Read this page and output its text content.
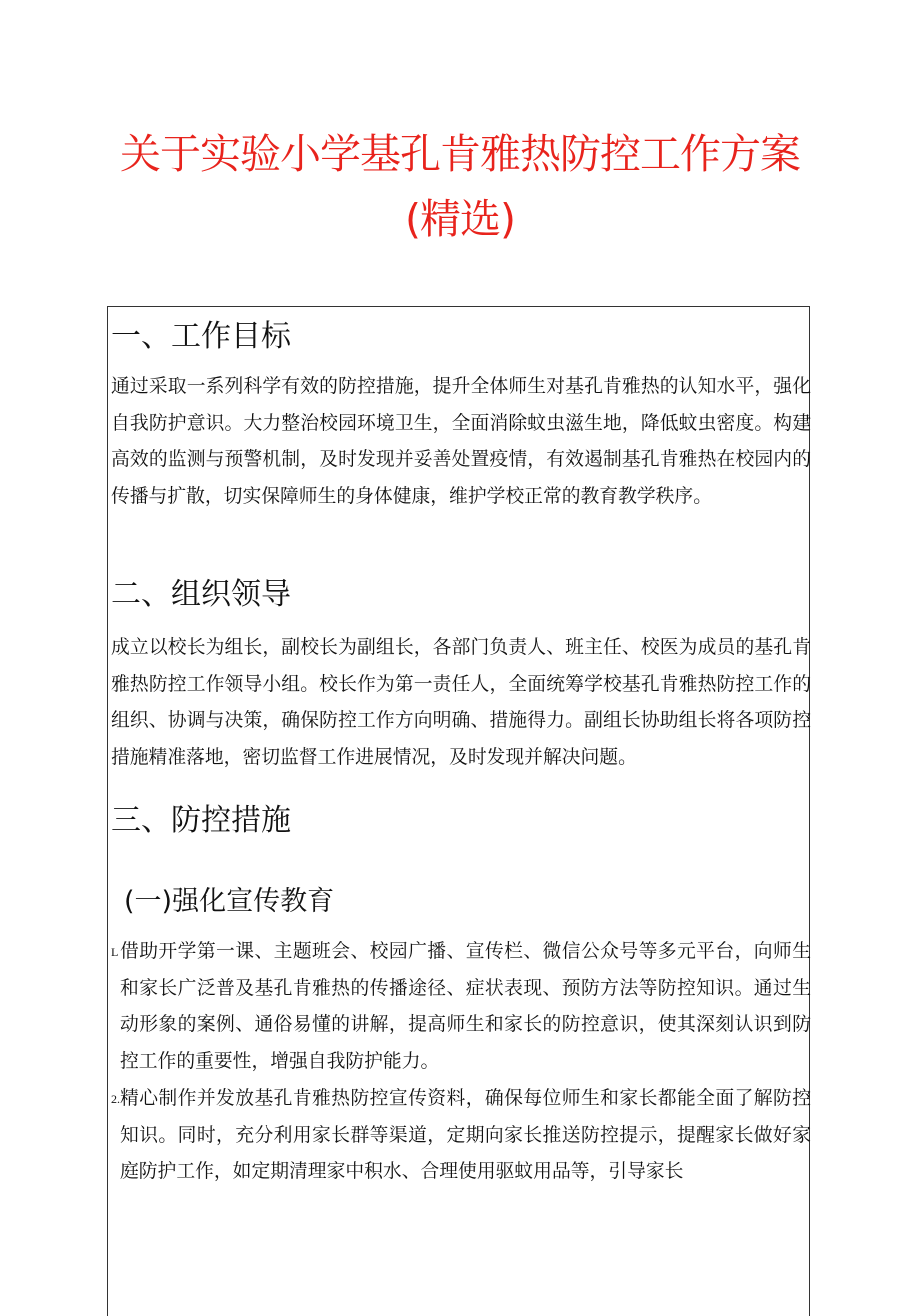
关于实验小学基孔肯雅热防控工作方案
(精选)
一、工作目标

通过采取一系列科学有效的防控措施，提升全体师生对基孔肯雅热的认知水平，强化自我防护意识。大力整治校园环境卫生，全面消除蚊虫滋生地，降低蚊虫密度。构建高效的监测与预警机制，及时发现并妥善处置疫情，有效遏制基孔肯雅热在校园内的传播与扩散，切实保障师生的身体健康，维护学校正常的教育教学秩序。

二、组织领导

成立以校长为组长，副校长为副组长，各部门负责人、班主任、校医为成员的基孔肯雅热防控工作领导小组。校长作为第一责任人，全面统筹学校基孔肯雅热防控工作的组织、协调与决策，确保防控工作方向明确、措施得力。副组长协助组长将各项防控措施精准落地，密切监督工作进展情况，及时发现并解决问题。

三、防控措施
(一)强化宣传教育
L 借助开学第一课、主题班会、校园广播、宣传栏、微信公众号等多元平台，向师生和家长广泛普及基孔肯雅热的传播途径、症状表现、预防方法等防控知识。通过生动形象的案例、通俗易懂的讲解，提高师生和家长的防控意识，使其深刻认识到防控工作的重要性，增强自我防护能力。
2. 精心制作并发放基孔肯雅热防控宣传资料，确保每位师生和家长都能全面了解防控知识。同时，充分利用家长群等渠道，定期向家长推送防控提示，提醒家长做好家庭防护工作，如定期清理家中积水、合理使用驱蚊用品等，引导家长
